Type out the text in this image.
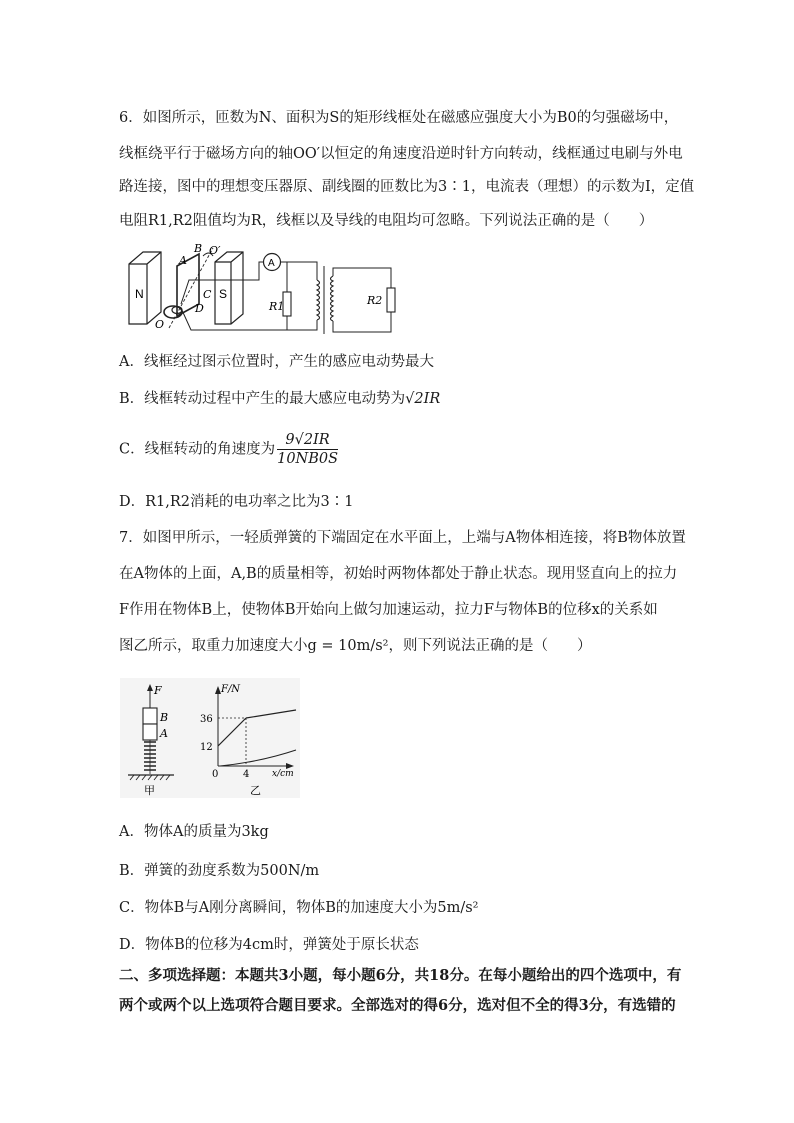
6．如图所示，匝数为N、面积为S的矩形线框处在磁感应强度大小为B0的匀强磁场中，
线框绕平行于磁场方向的轴OO′以恒定的角速度沿逆时针方向转动，线框通过电刷与外电
路连接，图中的理想变压器原、副线圈的匝数比为3∶1，电流表（理想）的示数为I，定值
电阻R1,R2阻值均为R，线框以及导线的电阻均可忽略。下列说法正确的是（　　）
N	S
A
B
C
D
O′
O
A
R1	R2
A．线框经过图示位置时，产生的感应电动势最大
B．线框转动过程中产生的最大感应电动势为√2IR
C．线框转动的角速度为 $\frac{9√2IR}{10NB0S}$
D．R1,R2消耗的电功率之比为3∶1
7．如图甲所示，一轻质弹簧的下端固定在水平面上，上端与A物体相连接，将B物体放置
在A物体的上面，A,B的质量相等，初始时两物体都处于静止状态。现用竖直向上的拉力
F作用在物体B上，使物体B开始向上做匀加速运动，拉力F与物体B的位移x的关系如
图乙所示，取重力加速度大小g = 10m/s²，则下列说法正确的是（　　）
F
B
A
甲
F/N
36
12
0 4	x/cm
乙
A．物体A的质量为3kg
B．弹簧的劲度系数为500N/m
C．物体B与A刚分离瞬间，物体B的加速度大小为5m/s²
D．物体B的位移为4cm时，弹簧处于原长状态
二、多项选择题：本题共3小题，每小题6分，共18分。在每小题给出的四个选项中，有
两个或两个以上选项符合题目要求。全部选对的得6分，选对但不全的得3分，有选错的
